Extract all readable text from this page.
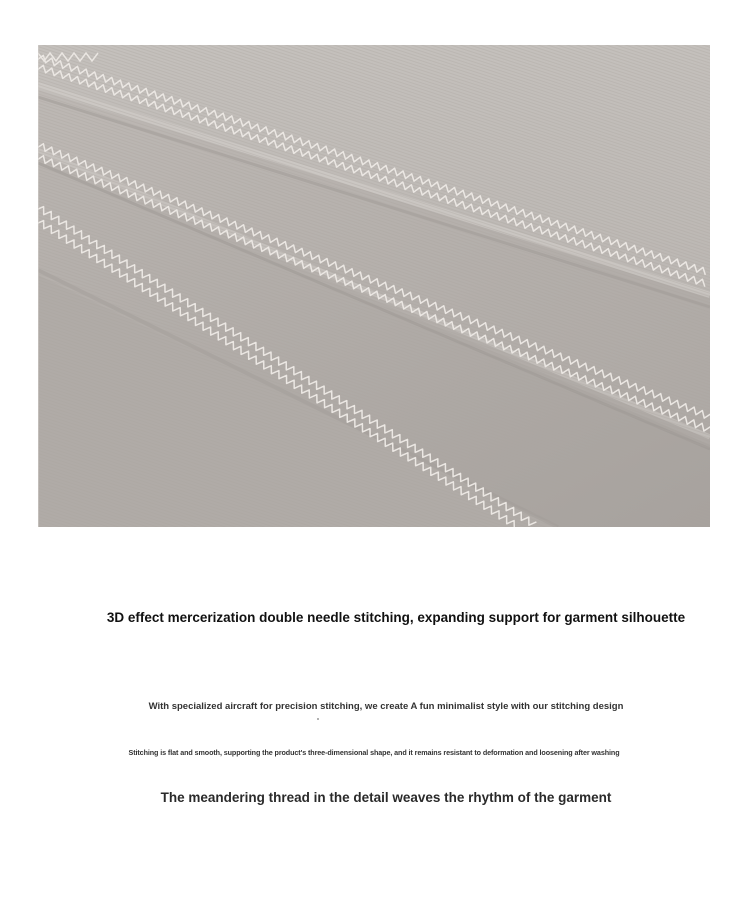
3D effect mercerization double needle stitching, expanding support for garment silhouette
With specialized aircraft for precision stitching, we create A fun minimalist style with our stitching design
Stitching is flat and smooth, supporting the product's three-dimensional shape, and it remains resistant to deformation and loosening after washing
The meandering thread in the detail weaves the rhythm of the garment
